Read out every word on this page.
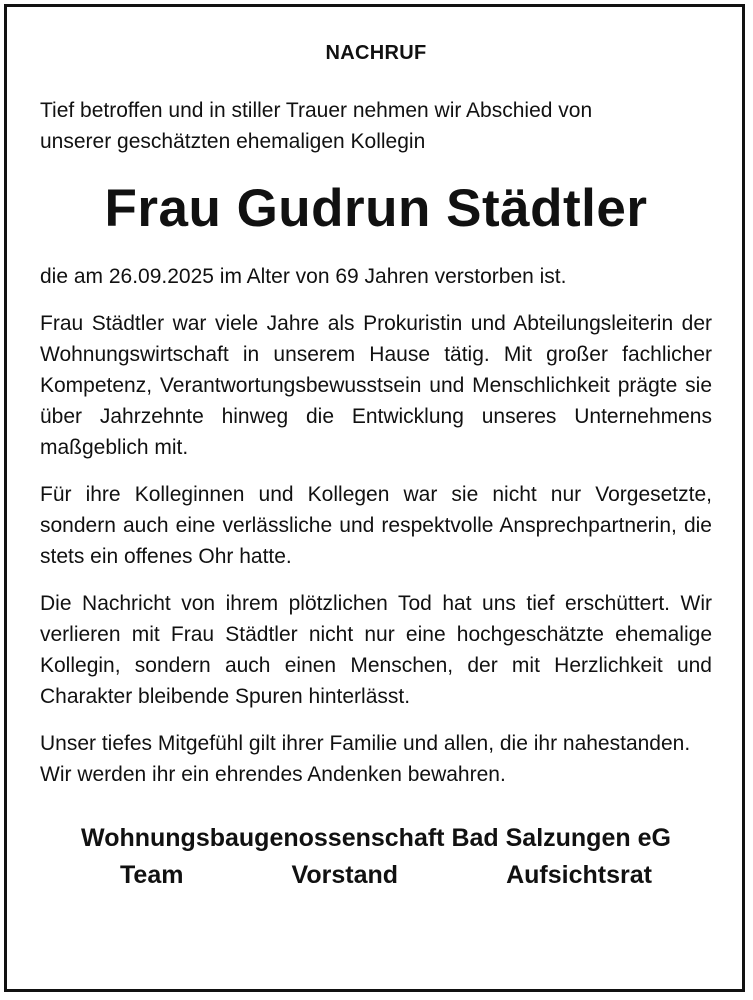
NACHRUF
Tief betroffen und in stiller Trauer nehmen wir Abschied von
unserer geschätzten ehemaligen Kollegin
Frau Gudrun Städtler
die am 26.09.2025 im Alter von 69 Jahren verstorben ist.
Frau Städtler war viele Jahre als Prokuristin und Abteilungsleiterin der Wohnungswirtschaft in unserem Hause tätig. Mit großer fachlicher Kompetenz, Verantwortungsbewusstsein und Menschlichkeit prägte sie über Jahrzehnte hinweg die Entwicklung unseres Unternehmens maßgeblich mit.
Für ihre Kolleginnen und Kollegen war sie nicht nur Vorgesetzte, sondern auch eine verlässliche und respektvolle Ansprechpartnerin, die stets ein offenes Ohr hatte.
Die Nachricht von ihrem plötzlichen Tod hat uns tief erschüttert. Wir verlieren mit Frau Städtler nicht nur eine hochgeschätzte ehemalige Kollegin, sondern auch einen Menschen, der mit Herzlichkeit und Charakter bleibende Spuren hinterlässt.
Unser tiefes Mitgefühl gilt ihrer Familie und allen, die ihr nahestanden.
Wir werden ihr ein ehrendes Andenken bewahren.
Wohnungsbaugenossenschaft Bad Salzungen eG
Team	Vorstand	Aufsichtsrat
